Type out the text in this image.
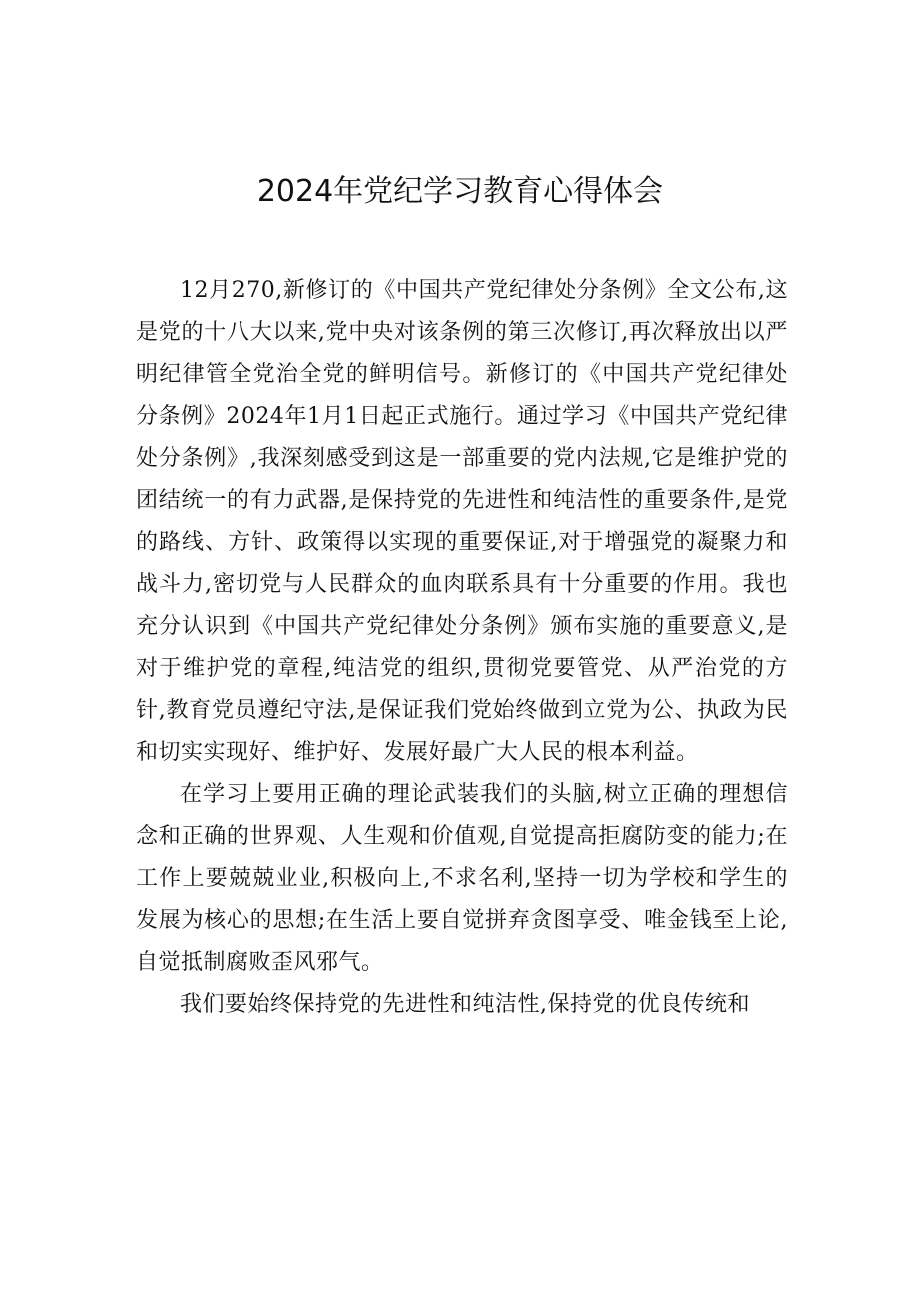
2024年党纪学习教育心得体会

12月270,新修订的《中国共产党纪律处分条例》全文公布,这是党的十八大以来,党中央对该条例的第三次修订,再次释放出以严明纪律管全党治全党的鲜明信号。新修订的《中国共产党纪律处分条例》2024年1月1日起正式施行。通过学习《中国共产党纪律处分条例》,我深刻感受到这是一部重要的党内法规,它是维护党的团结统一的有力武器,是保持党的先进性和纯洁性的重要条件,是党的路线、方针、政策得以实现的重要保证,对于增强党的凝聚力和战斗力,密切党与人民群众的血肉联系具有十分重要的作用。我也充分认识到《中国共产党纪律处分条例》颁布实施的重要意义,是对于维护党的章程,纯洁党的组织,贯彻党要管党、从严治党的方针,教育党员遵纪守法,是保证我们党始终做到立党为公、执政为民和切实实现好、维护好、发展好最广大人民的根本利益。

在学习上要用正确的理论武装我们的头脑,树立正确的理想信念和正确的世界观、人生观和价值观,自觉提高拒腐防变的能力;在工作上要兢兢业业,积极向上,不求名利,坚持一切为学校和学生的发展为核心的思想;在生活上要自觉拼弃贪图享受、唯金钱至上论,自觉抵制腐败歪风邪气。

我们要始终保持党的先进性和纯洁性,保持党的优良传统和
